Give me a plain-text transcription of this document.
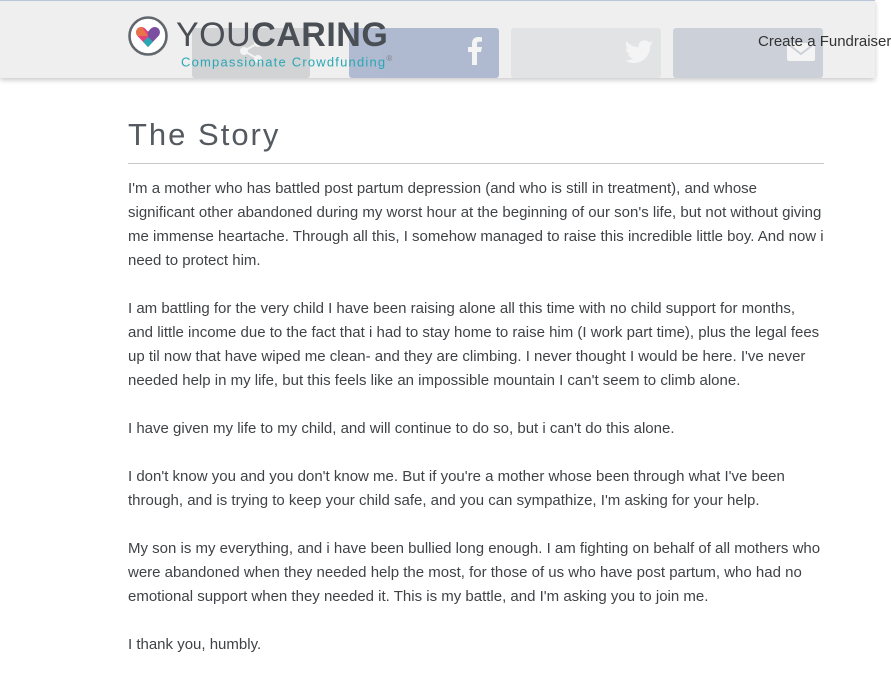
YOUCARING
Compassionate Crowdfunding®
Create a Fundraiser
The Story

I'm a mother who has battled post partum depression (and who is still in treatment), and whose significant other abandoned during my worst hour at the beginning of our son's life, but not without giving me immense heartache. Through all this, I somehow managed to raise this incredible little boy. And now i need to protect him.

I am battling for the very child I have been raising alone all this time with no child support for months, and little income due to the fact that i had to stay home to raise him (I work part time), plus the legal fees up til now that have wiped me clean- and they are climbing. I never thought I would be here. I've never needed help in my life, but this feels like an impossible mountain I can't seem to climb alone.

I have given my life to my child, and will continue to do so, but i can't do this alone.

I don't know you and you don't know me. But if you're a mother whose been through what I've been through, and is trying to keep your child safe, and you can sympathize, I'm asking for your help.

My son is my everything, and i have been bullied long enough. I am fighting on behalf of all mothers who were abandoned when they needed help the most, for those of us who have post partum, who had no emotional support when they needed it. This is my battle, and I'm asking you to join me.

I thank you, humbly.
